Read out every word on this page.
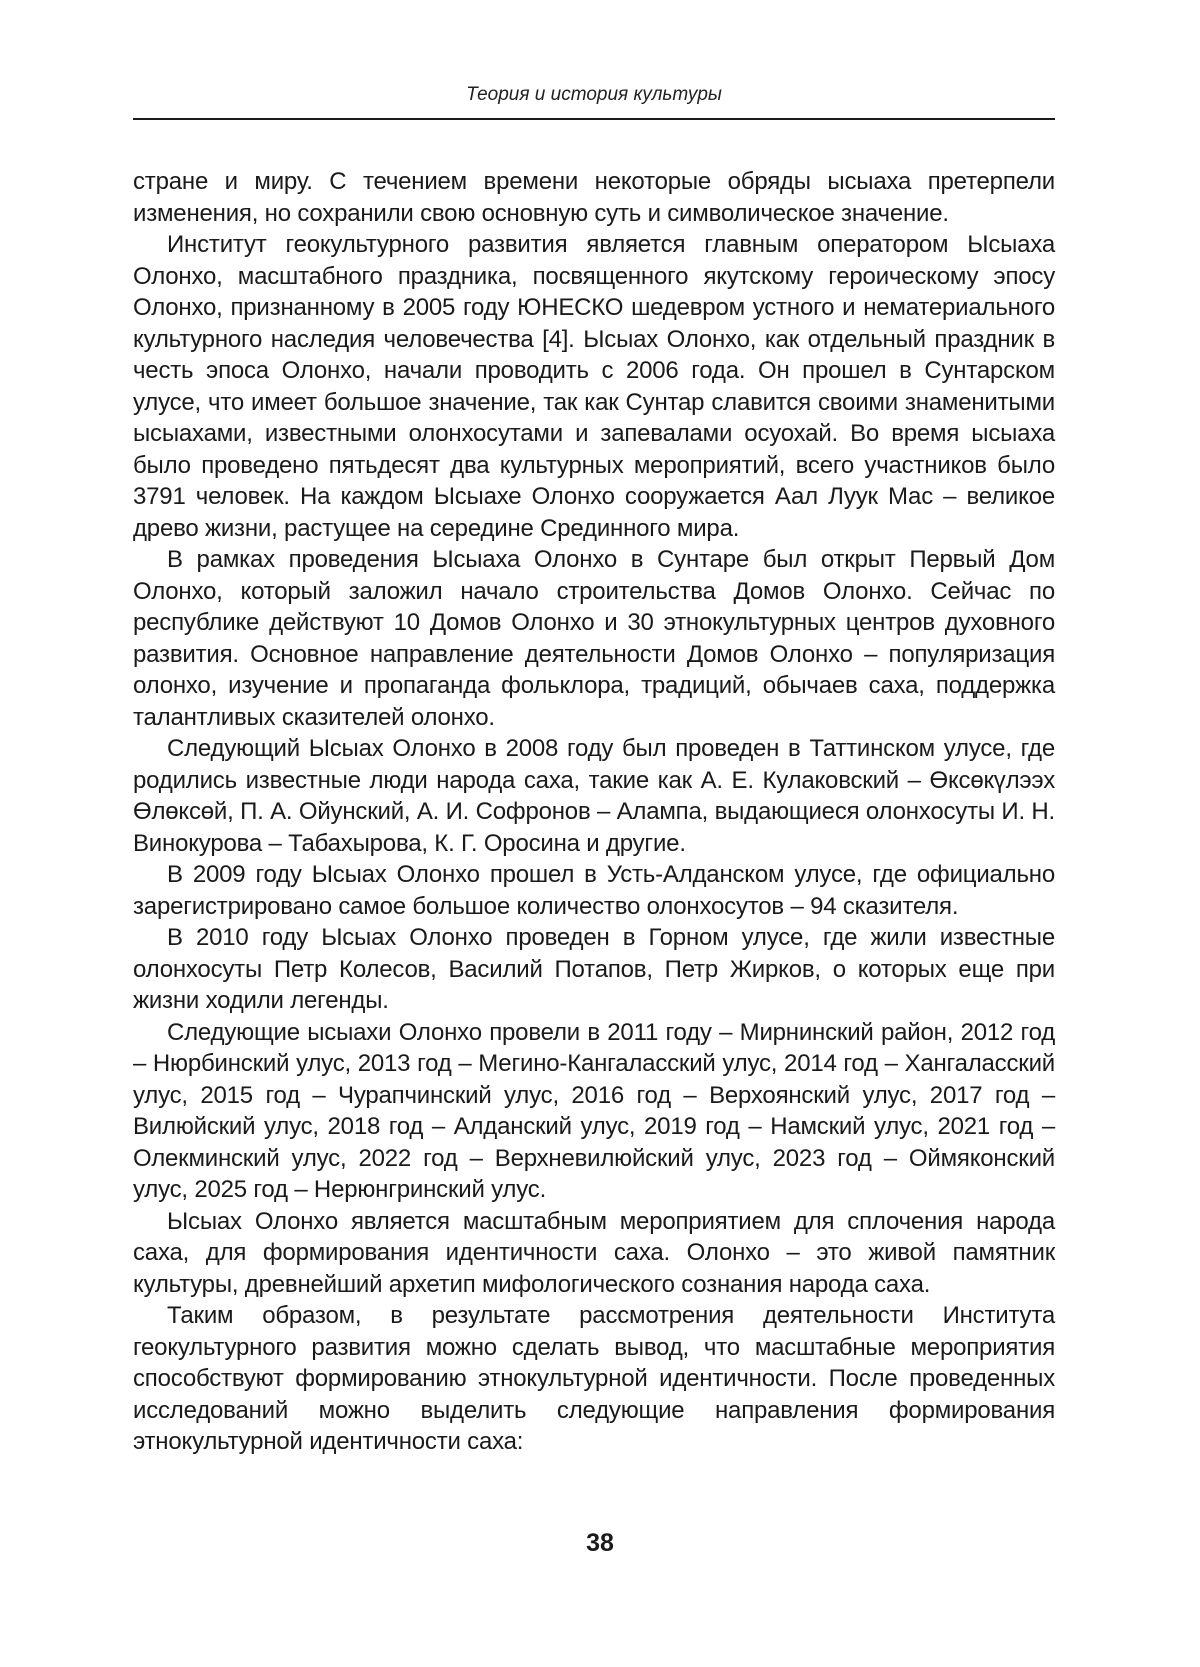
Теория и история культуры

стране и миру. С течением времени некоторые обряды ысыаха претерпели изменения, но сохранили свою основную суть и символическое значение.

Институт геокультурного развития является главным оператором Ысыаха Олонхо, масштабного праздника, посвященного якутскому героическому эпосу Олонхо, признанному в 2005 году ЮНЕСКО шедевром устного и нематериального культурного наследия человечества [4]. Ысыах Олонхо, как отдельный праздник в честь эпоса Олонхо, начали проводить с 2006 года. Он прошел в Сунтарском улусе, что имеет большое значение, так как Сунтар славится своими знаменитыми ысыахами, известными олонхосутами и запевалами осуохай. Во время ысыаха было проведено пятьдесят два культурных мероприятий, всего участников было 3791 человек. На каждом Ысыахе Олонхо сооружается Аал Луук Мас – великое древо жизни, растущее на середине Срединного мира.

В рамках проведения Ысыаха Олонхо в Сунтаре был открыт Первый Дом Олонхо, который заложил начало строительства Домов Олонхо. Сейчас по республике действуют 10 Домов Олонхо и 30 этнокультурных центров духовного развития. Основное направление деятельности Домов Олонхо – популяризация олонхо, изучение и пропаганда фольклора, традиций, обычаев саха, поддержка талантливых сказителей олонхо.

Следующий Ысыах Олонхо в 2008 году был проведен в Таттинском улусе, где родились известные люди народа саха, такие как А. Е. Кулаковский – Өксөкүлээх Өлөксөй, П. А. Ойунский, А. И. Софронов – Алампа, выдающиеся олонхосуты И. Н. Винокурова – Табахырова, К. Г. Оросина и другие.

В 2009 году Ысыах Олонхо прошел в Усть-Алданском улусе, где официально зарегистрировано самое большое количество олонхосутов – 94 сказителя.

В 2010 году Ысыах Олонхо проведен в Горном улусе, где жили известные олонхосуты Петр Колесов, Василий Потапов, Петр Жирков, о которых еще при жизни ходили легенды.

Следующие ысыахи Олонхо провели в 2011 году – Мирнинский район, 2012 год – Нюрбинский улус, 2013 год – Мегино-Кангаласский улус, 2014 год – Хангаласский улус, 2015 год – Чурапчинский улус, 2016 год – Верхоянский улус, 2017 год – Вилюйский улус, 2018 год – Алданский улус, 2019 год – Намский улус, 2021 год – Олекминский улус, 2022 год – Верхневилюйский улус, 2023 год – Оймяконский улус, 2025 год – Нерюнгринский улус.

Ысыах Олонхо является масштабным мероприятием для сплочения народа саха, для формирования идентичности саха. Олонхо – это живой памятник культуры, древнейший архетип мифологического сознания народа саха.

Таким образом, в результате рассмотрения деятельности Института геокультурного развития можно сделать вывод, что масштабные мероприятия способствуют формированию этнокультурной идентичности. После проведенных исследований можно выделить следующие направления формирования этнокультурной идентичности саха:

38
